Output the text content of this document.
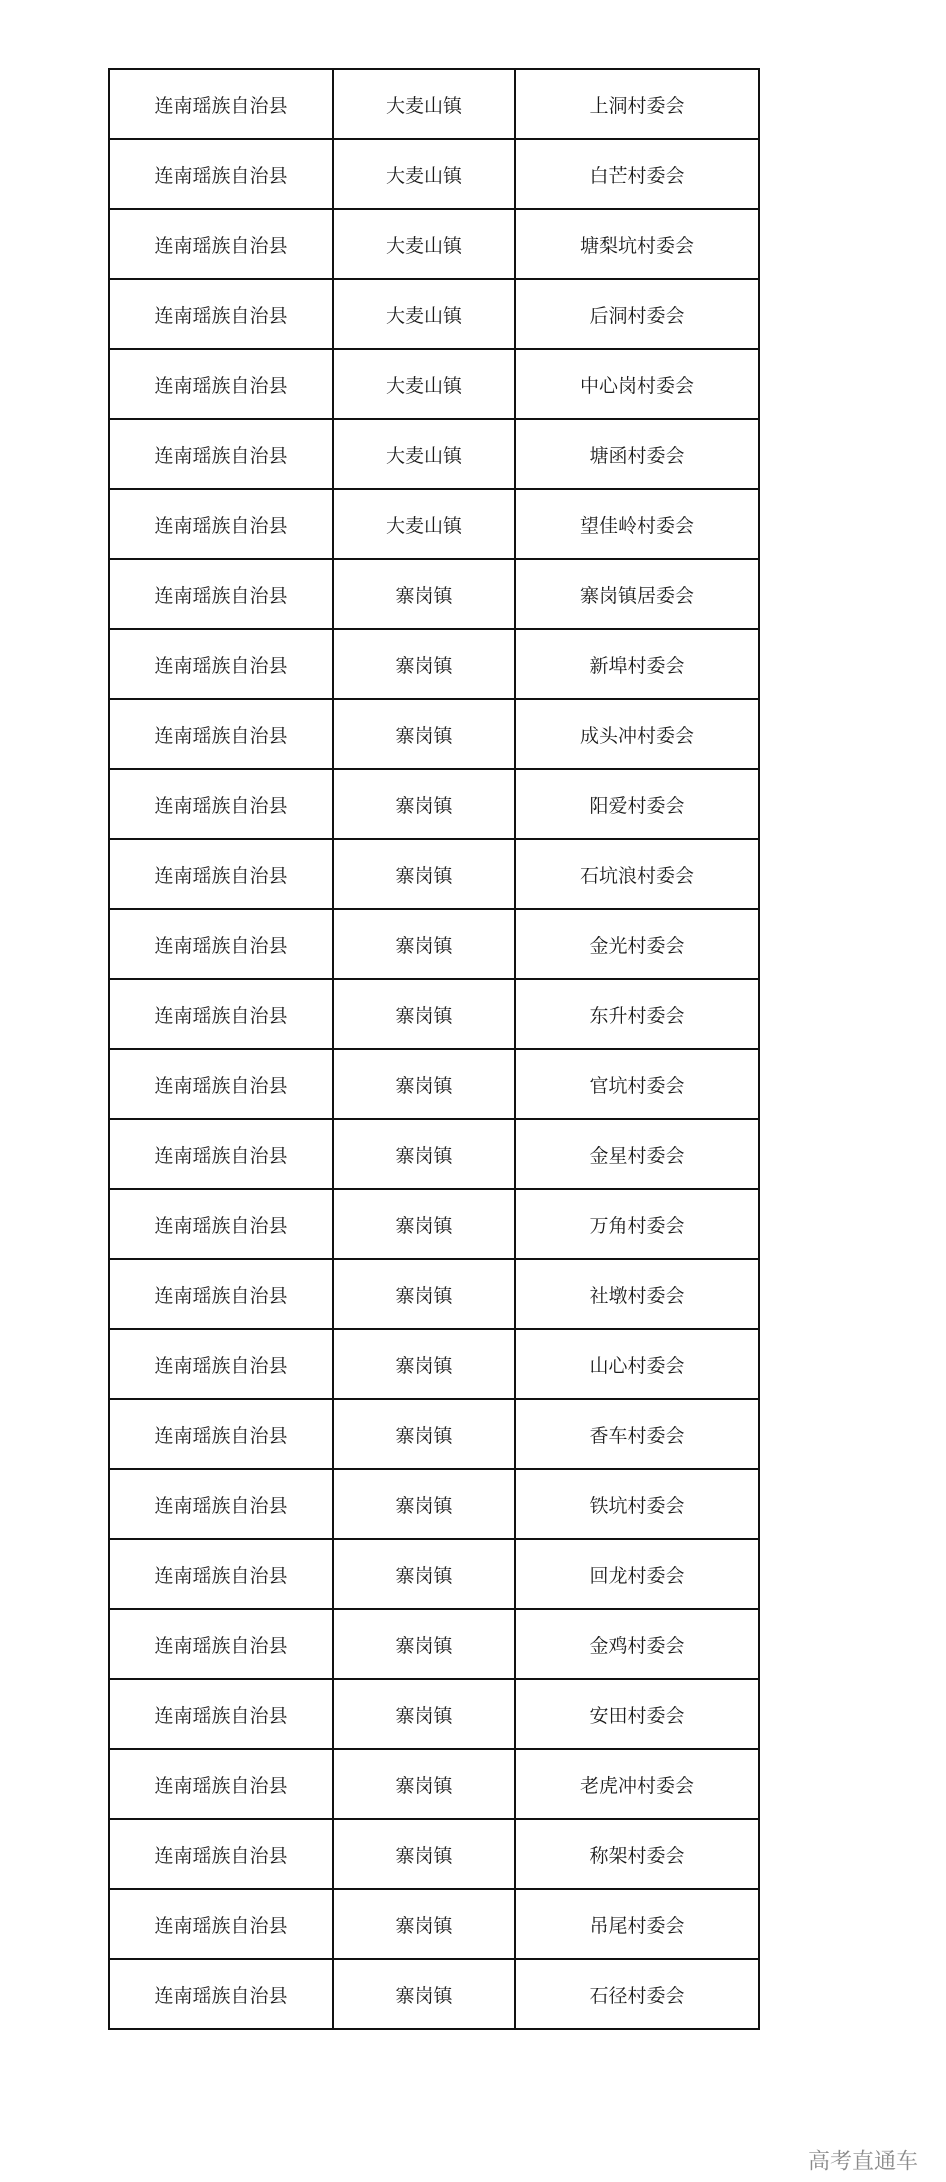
连南瑶族自治县	大麦山镇	上洞村委会
连南瑶族自治县	大麦山镇	白芒村委会
连南瑶族自治县	大麦山镇	塘梨坑村委会
连南瑶族自治县	大麦山镇	后洞村委会
连南瑶族自治县	大麦山镇	中心岗村委会
连南瑶族自治县	大麦山镇	塘函村委会
连南瑶族自治县	大麦山镇	望佳岭村委会
连南瑶族自治县	寨岗镇	寨岗镇居委会
连南瑶族自治县	寨岗镇	新埠村委会
连南瑶族自治县	寨岗镇	成头冲村委会
连南瑶族自治县	寨岗镇	阳爱村委会
连南瑶族自治县	寨岗镇	石坑浪村委会
连南瑶族自治县	寨岗镇	金光村委会
连南瑶族自治县	寨岗镇	东升村委会
连南瑶族自治县	寨岗镇	官坑村委会
连南瑶族自治县	寨岗镇	金星村委会
连南瑶族自治县	寨岗镇	万角村委会
连南瑶族自治县	寨岗镇	社墩村委会
连南瑶族自治县	寨岗镇	山心村委会
连南瑶族自治县	寨岗镇	香车村委会
连南瑶族自治县	寨岗镇	铁坑村委会
连南瑶族自治县	寨岗镇	回龙村委会
连南瑶族自治县	寨岗镇	金鸡村委会
连南瑶族自治县	寨岗镇	安田村委会
连南瑶族自治县	寨岗镇	老虎冲村委会
连南瑶族自治县	寨岗镇	称架村委会
连南瑶族自治县	寨岗镇	吊尾村委会
连南瑶族自治县	寨岗镇	石径村委会
高考直通车
